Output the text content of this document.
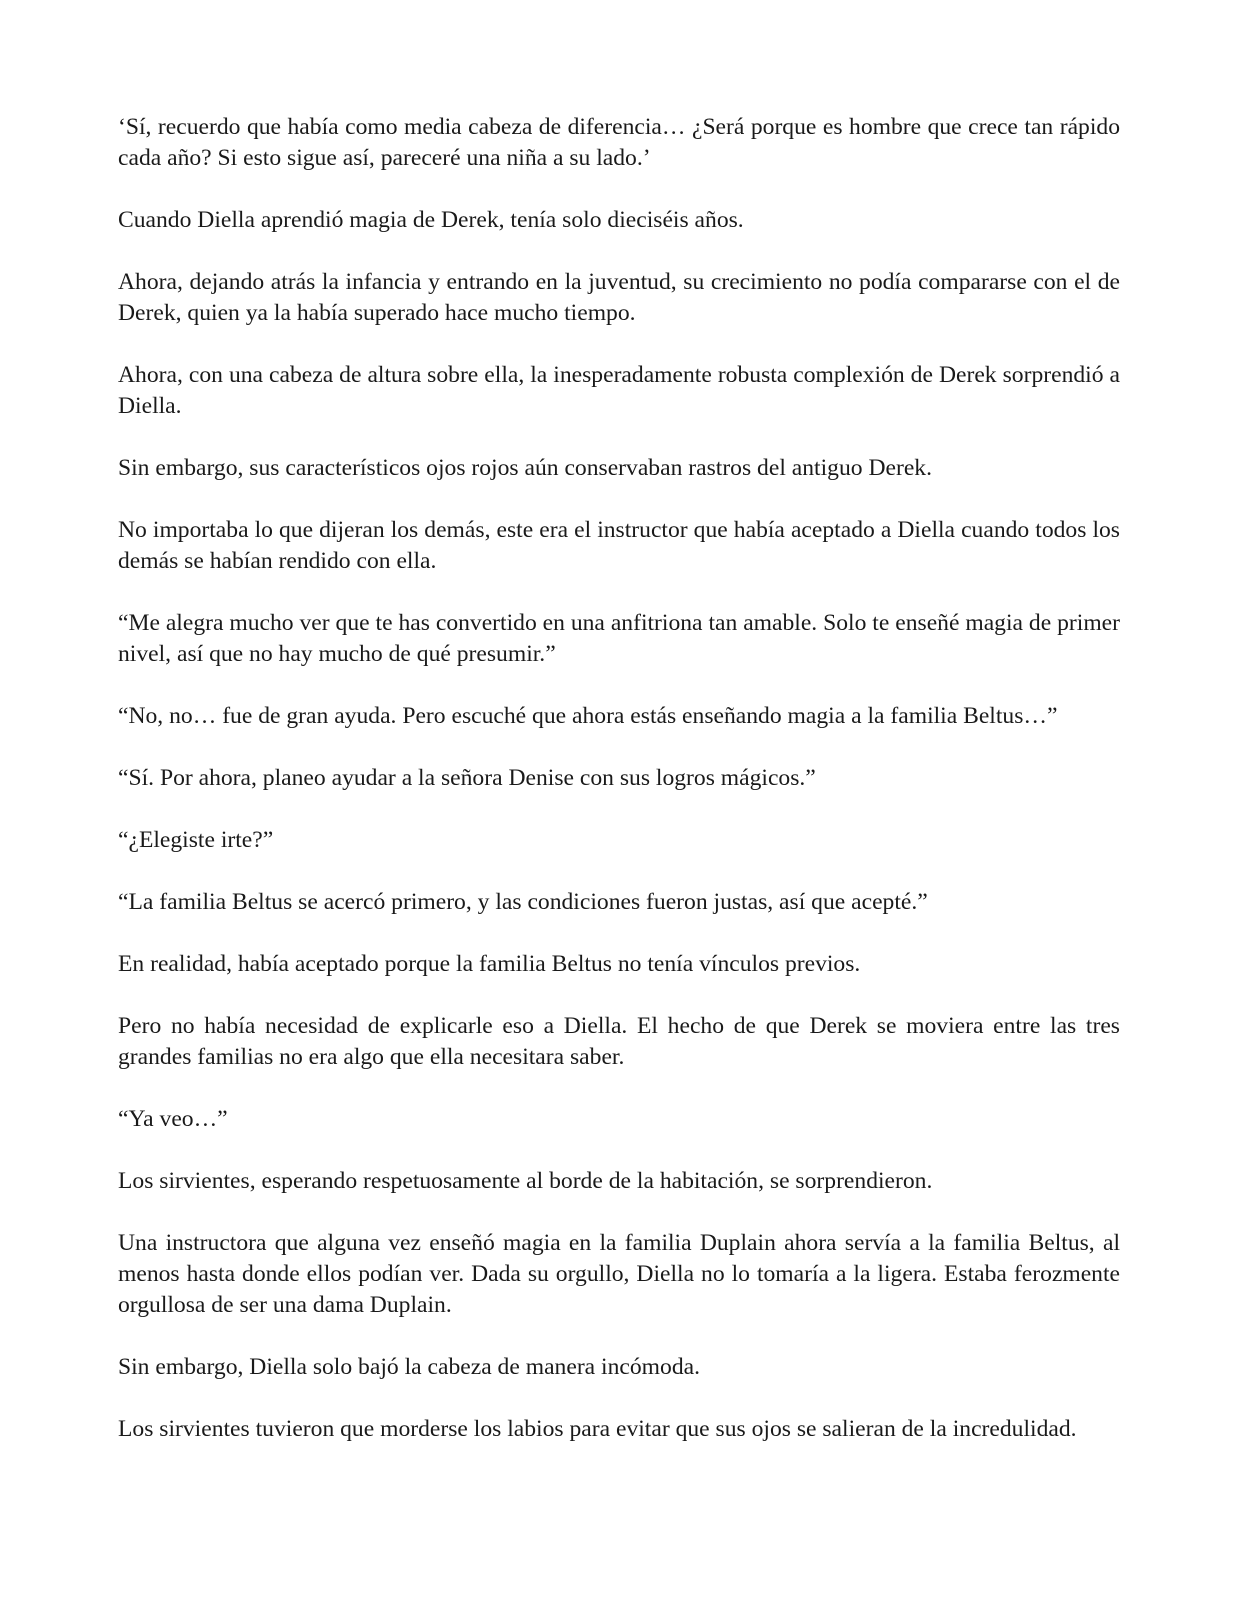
‘Sí, recuerdo que había como media cabeza de diferencia… ¿Será porque es hombre que crece tan rápido cada año? Si esto sigue así, pareceré una niña a su lado.’

Cuando Diella aprendió magia de Derek, tenía solo dieciséis años.

Ahora, dejando atrás la infancia y entrando en la juventud, su crecimiento no podía compararse con el de Derek, quien ya la había superado hace mucho tiempo.

Ahora, con una cabeza de altura sobre ella, la inesperadamente robusta complexión de Derek sorprendió a Diella.

Sin embargo, sus característicos ojos rojos aún conservaban rastros del antiguo Derek.

No importaba lo que dijeran los demás, este era el instructor que había aceptado a Diella cuando todos los demás se habían rendido con ella.

“Me alegra mucho ver que te has convertido en una anfitriona tan amable. Solo te enseñé magia de primer nivel, así que no hay mucho de qué presumir.”

“No, no… fue de gran ayuda. Pero escuché que ahora estás enseñando magia a la familia Beltus…”

“Sí. Por ahora, planeo ayudar a la señora Denise con sus logros mágicos.”

“¿Elegiste irte?”

“La familia Beltus se acercó primero, y las condiciones fueron justas, así que acepté.”

En realidad, había aceptado porque la familia Beltus no tenía vínculos previos.

Pero no había necesidad de explicarle eso a Diella. El hecho de que Derek se moviera entre las tres grandes familias no era algo que ella necesitara saber.

“Ya veo…”

Los sirvientes, esperando respetuosamente al borde de la habitación, se sorprendieron.

Una instructora que alguna vez enseñó magia en la familia Duplain ahora servía a la familia Beltus, al menos hasta donde ellos podían ver. Dada su orgullo, Diella no lo tomaría a la ligera. Estaba ferozmente orgullosa de ser una dama Duplain.

Sin embargo, Diella solo bajó la cabeza de manera incómoda.

Los sirvientes tuvieron que morderse los labios para evitar que sus ojos se salieran de la incredulidad.
